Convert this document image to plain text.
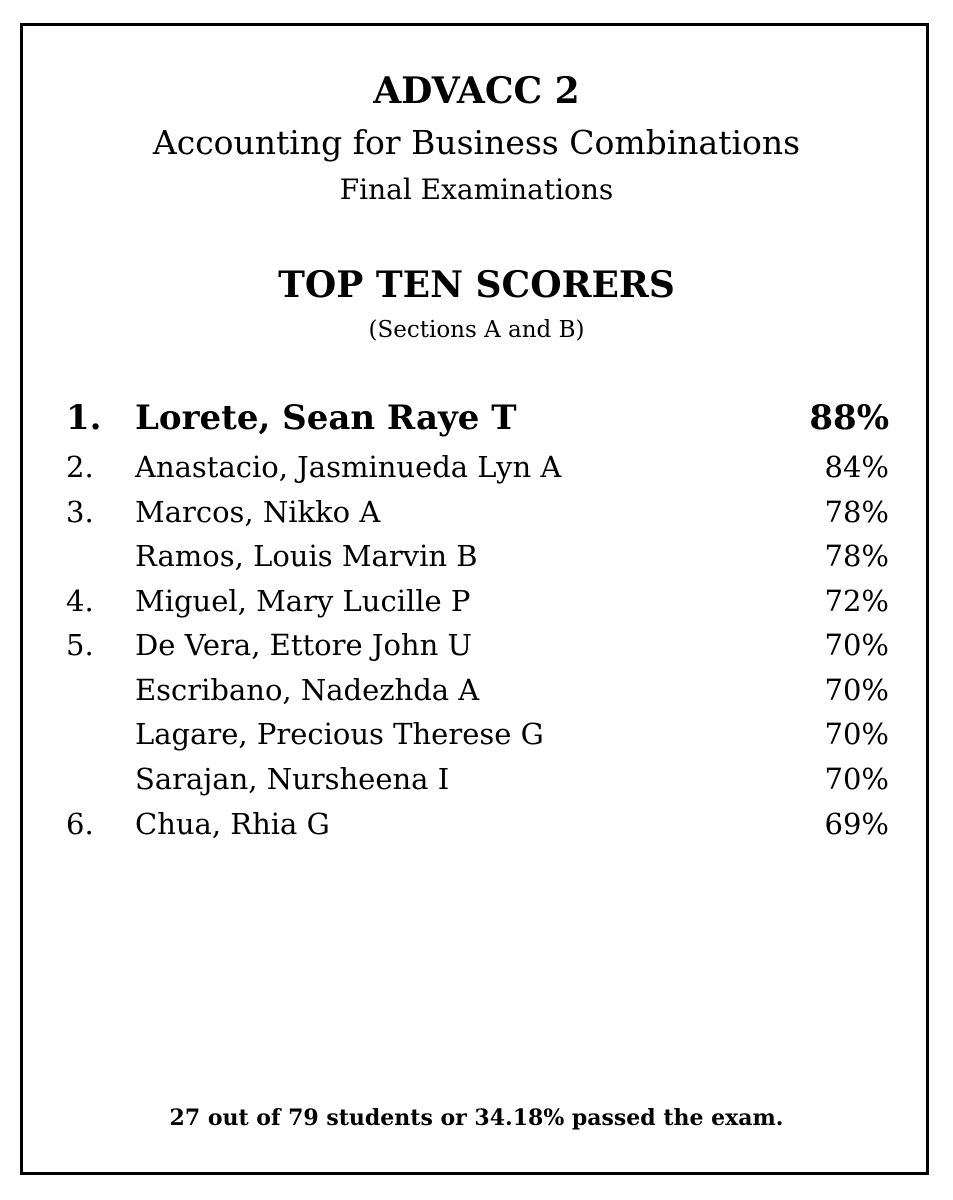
ADVACC 2
Accounting for Business Combinations
Final Examinations
TOP TEN SCORERS
(Sections A and B)
1. Lorete, Sean Raye T	88%
2. Anastacio, Jasminueda Lyn A	84%
3. Marcos, Nikko A	78%
Ramos, Louis Marvin B	78%
4. Miguel, Mary Lucille P	72%
5. De Vera, Ettore John U	70%
Escribano, Nadezhda A	70%
Lagare, Precious Therese G	70%
Sarajan, Nursheena I	70%
6. Chua, Rhia G	69%
27 out of 79 students or 34.18% passed the exam.
